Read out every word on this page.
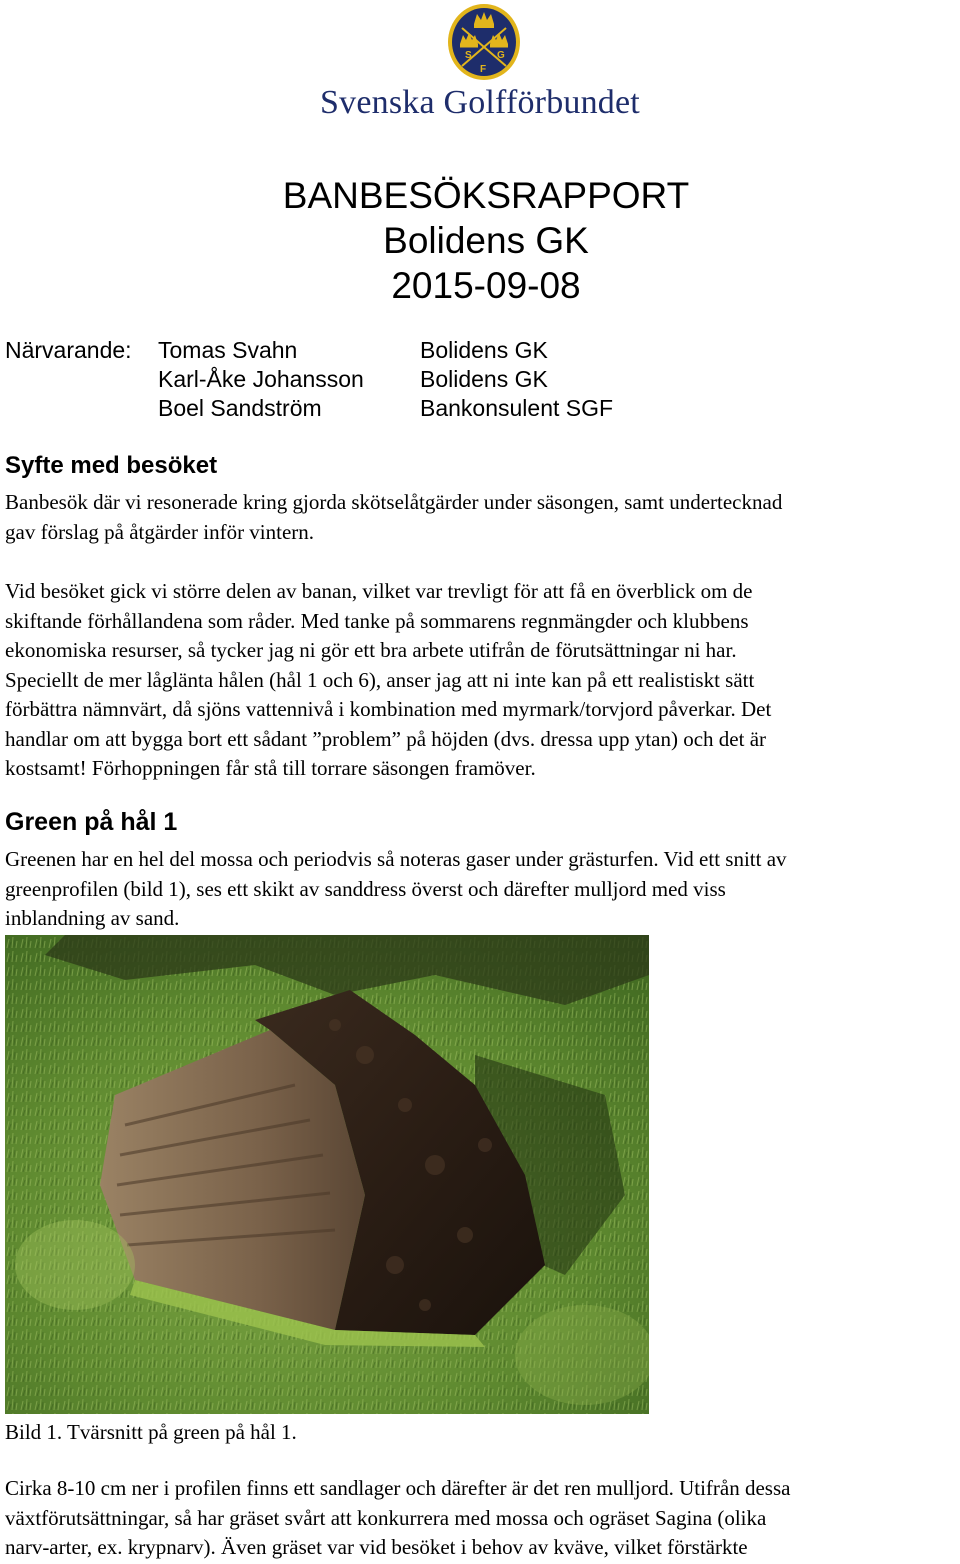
S	G
F
Svenska Golfförbundet
BANBESÖKSRAPPORT
Bolidens GK
2015-09-08
Närvarande: Tomas Svahn	Bolidens GK
Karl-Åke Johansson Bolidens GK
Boel Sandström	Bankonsulent SGF
Syfte med besöket
Banbesök där vi resonerade kring gjorda skötselåtgärder under säsongen, samt undertecknad
gav förslag på åtgärder inför vintern.
Vid besöket gick vi större delen av banan, vilket var trevligt för att få en överblick om de
skiftande förhållandena som råder. Med tanke på sommarens regnmängder och klubbens
ekonomiska resurser, så tycker jag ni gör ett bra arbete utifrån de förutsättningar ni har.
Speciellt de mer låglänta hålen (hål 1 och 6), anser jag att ni inte kan på ett realistiskt sätt
förbättra nämnvärt, då sjöns vattennivå i kombination med myrmark/torvjord påverkar. Det
handlar om att bygga bort ett sådant ”problem” på höjden (dvs. dressa upp ytan) och det är
kostsamt! Förhoppningen får stå till torrare säsongen framöver.
Green på hål 1
Greenen har en hel del mossa och periodvis så noteras gaser under grästurfen. Vid ett snitt av
greenprofilen (bild 1), ses ett skikt av sanddress överst och därefter mulljord med viss
inblandning av sand.
Bild 1. Tvärsnitt på green på hål 1.
Cirka 8-10 cm ner i profilen finns ett sandlager och därefter är det ren mulljord. Utifrån dessa
växtförutsättningar, så har gräset svårt att konkurrera med mossa och ogräset Sagina (olika
narv-arter, ex. krypnarv). Även gräset var vid besöket i behov av kväve, vilket förstärkte
